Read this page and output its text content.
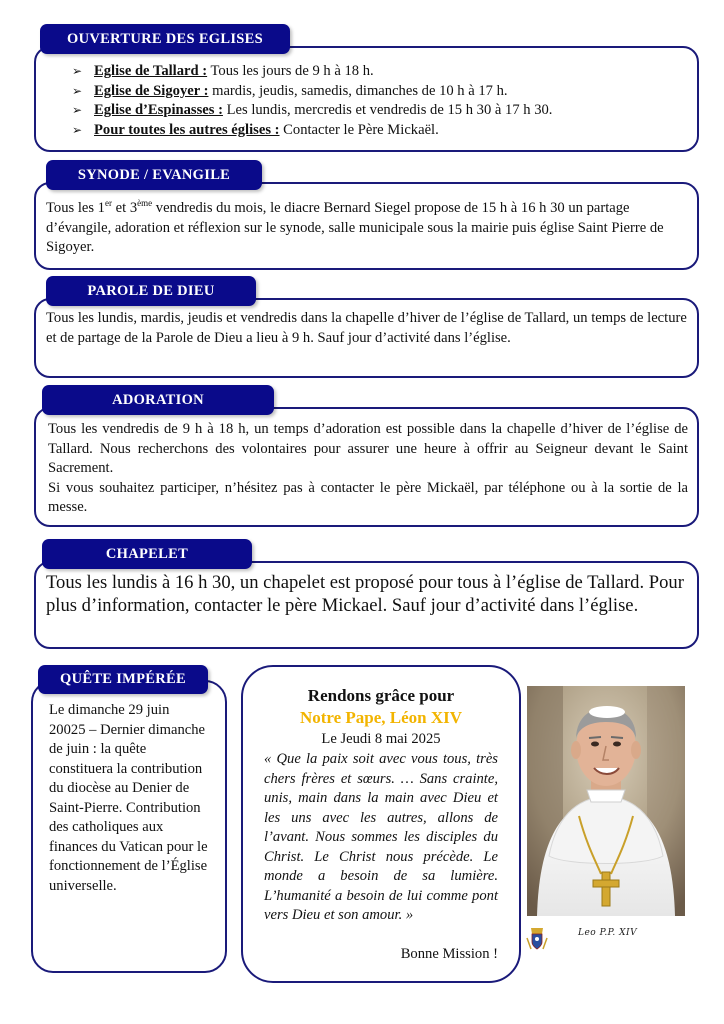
OUVERTURE DES EGLISES
➢ Eglise de Tallard : Tous les jours de 9 h à 18 h.
➢ Eglise de Sigoyer : mardis, jeudis, samedis, dimanches de 10 h à 17 h.
➢ Eglise d’Espinasses : Les lundis, mercredis et vendredis de 15 h 30 à 17 h 30.
➢ Pour toutes les autres églises : Contacter le Père Mickaël.
SYNODE / EVANGILE
Tous les 1er et 3ème vendredis du mois, le diacre Bernard Siegel propose de 15 h à 16 h 30 un partage d’évangile, adoration et réflexion sur le synode, salle municipale sous la mairie puis église Saint Pierre de Sigoyer.
PAROLE DE DIEU
Tous les lundis, mardis, jeudis et vendredis dans la chapelle d’hiver de l’église de Tallard, un temps de lecture et de partage de la Parole de Dieu a lieu à 9 h. Sauf jour d’activité dans l’église.
ADORATION
Tous les vendredis de 9 h à 18 h, un temps d’adoration est possible dans la chapelle d’hiver de l’église de Tallard. Nous recherchons des volontaires pour assurer une heure à offrir au Seigneur devant le Saint Sacrement.
Si vous souhaitez participer, n’hésitez pas à contacter le père Mickaël, par téléphone ou à la sortie de la messe.
CHAPELET
Tous les lundis à 16 h 30, un chapelet est proposé pour tous à l’église de Tallard. Pour plus d’information, contacter le père Mickael. Sauf jour d’activité dans l’église.
QUÊTE IMPÉRÉE
Le dimanche 29 juin 20025 – Dernier dimanche de juin : la quête constituera la contribution du diocèse au Denier de Saint-Pierre. Contribution des catholiques aux finances du Vatican pour le fonctionnement de l’Église universelle.
Rendons grâce pour
Notre Pape, Léon XIV
Le Jeudi 8 mai 2025
« Que la paix soit avec vous tous, très chers frères et sœurs. … Sans crainte, unis, main dans la main avec Dieu et les uns avec les autres, allons de l’avant. Nous sommes les disciples du Christ. Le Christ nous précède. Le monde a besoin de sa lumière. L’humanité a besoin de lui comme pont vers Dieu et son amour. »
Bonne Mission !
Leo P.P. XIV
